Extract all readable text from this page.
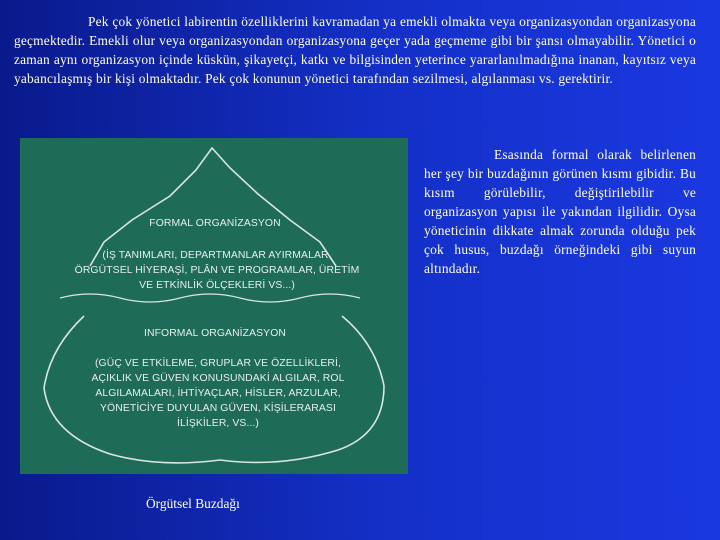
Pek çok yönetici labirentin özelliklerini kavramadan ya emekli olmakta veya organizasyondan organizasyona geçmektedir. Emekli olur veya organizasyondan organizasyona geçer yada geçmeme gibi bir şansı olmayabilir. Yönetici o zaman aynı organizasyon içinde küskün, şikayetçi, katkı ve bilgisinden yeterince yararlanılmadığına inanan, kayıtsız veya yabancılaşmış bir kişi olmaktadır. Pek çok konunun yönetici tarafından sezilmesi, algılanması vs. gerektirir.
FORMAL ORGANİZASYON
(İŞ TANIMLARI, DEPARTMANLAR AYIRMALAR, ÖRGÜTSEL HİYERAŞİ, PLÂN VE PROGRAMLAR, ÜRETİM VE ETKİNLİK ÖLÇEKLERİ VS...)
INFORMAL ORGANİZASYON
(GÜÇ VE ETKİLEME, GRUPLAR VE ÖZELLİKLERİ, AÇIKLIK VE GÜVEN KONUSUNDAKİ ALGILAR, ROL ALGILAMALARI, İHTİYAÇLAR, HİSLER, ARZULAR, YÖNETİCİYE DUYULAN GÜVEN, KİŞİLERARASI İLİŞKİLER, VS...)
Esasında formal olarak belirlenen her şey bir buzdağının görünen kısmı gibidir. Bu kısım görülebilir, değiştirilebilir ve organizasyon yapısı ile yakından ilgilidir. Oysa yöneticinin dikkate almak zorunda olduğu pek çok husus, buzdağı örneğindeki gibi suyun altındadır.
Örgütsel Buzdağı
